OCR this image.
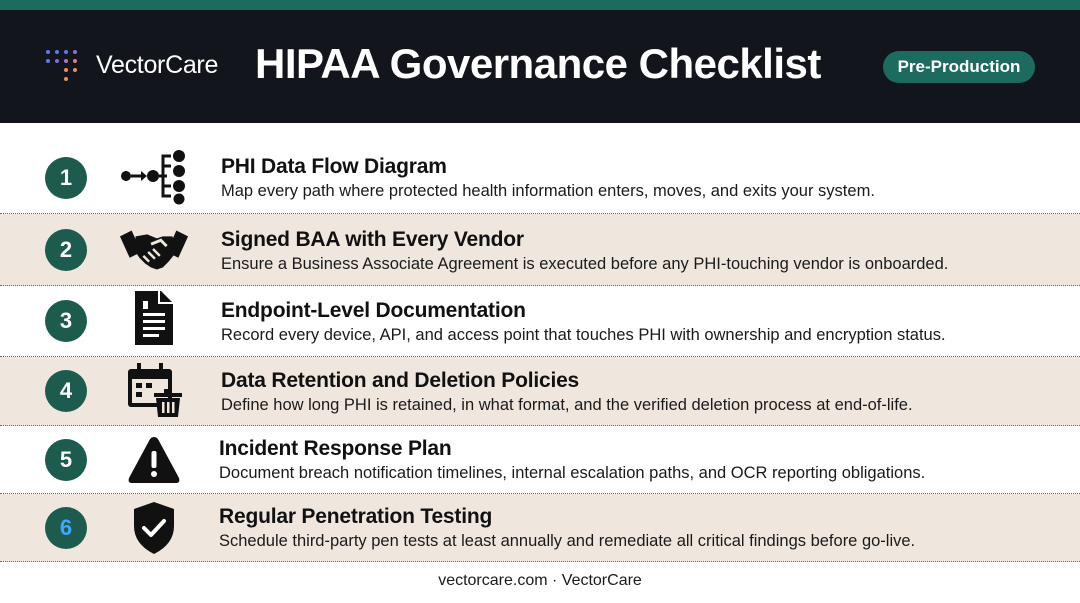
VectorCare HIPAA Governance Checklist	Pre-Production
1	PHI Data Flow Diagram

Map every path where protected health information enters, moves, and exits your system.

2	Signed BAA with Every Vendor

Ensure a Business Associate Agreement is executed before any PHI-touching vendor is onboarded.

3	Endpoint-Level Documentation

Record every device, API, and access point that touches PHI with ownership and encryption status.

4	Data Retention and Deletion Policies

Define how long PHI is retained, in what format, and the verified deletion process at end-of-life.

5	Incident Response Plan

Document breach notification timelines, internal escalation paths, and OCR reporting obligations.

6	Regular Penetration Testing

Schedule third-party pen tests at least annually and remediate all critical findings before go-live.

vectorcare.com · VectorCare
